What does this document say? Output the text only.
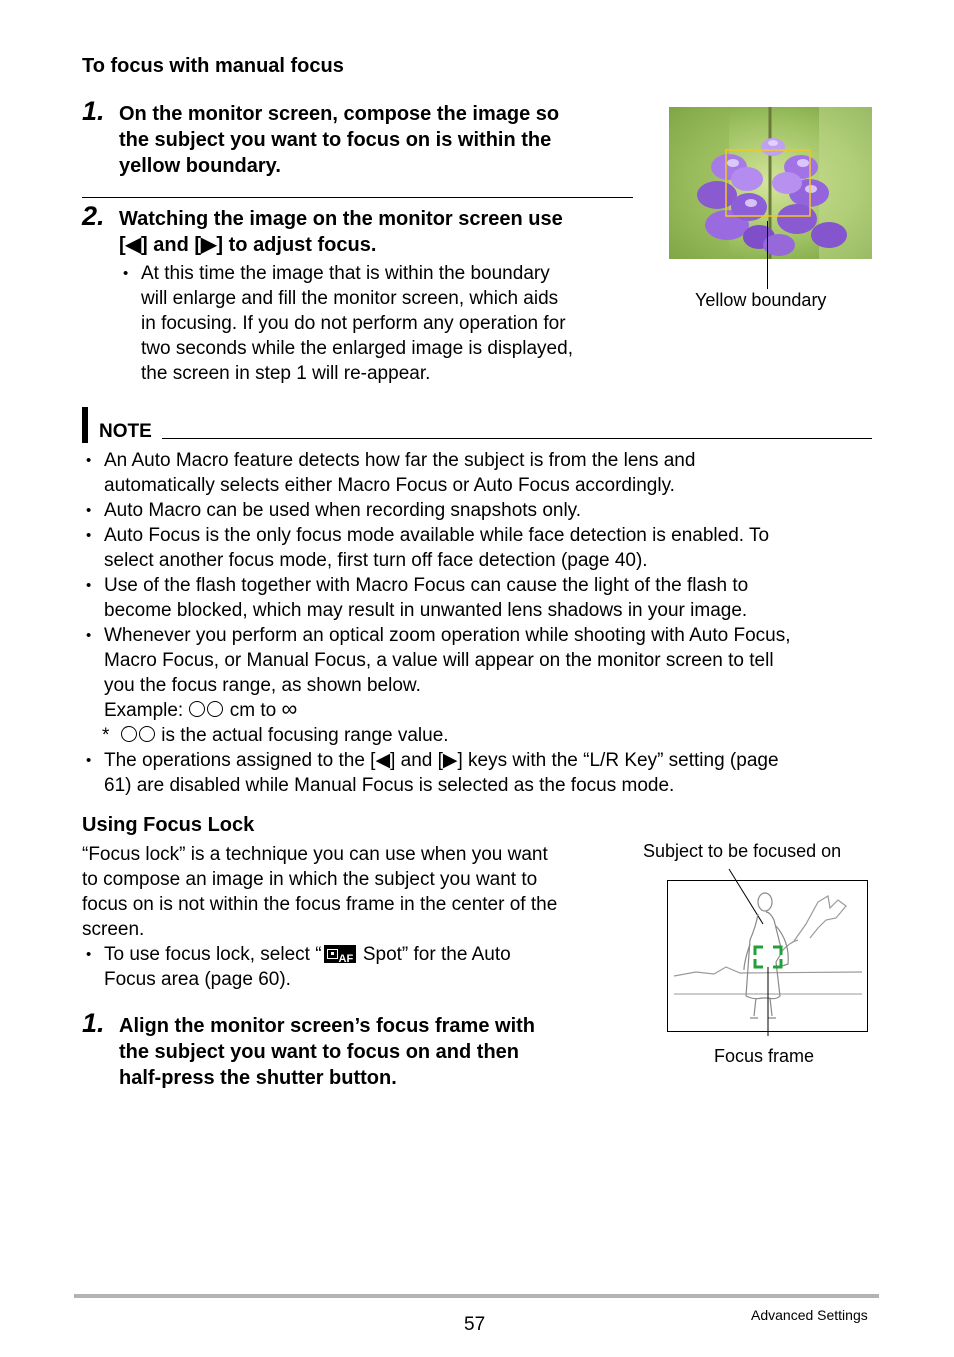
To focus with manual focus
1. On the monitor screen, compose the image so
the subject you want to focus on is within the
yellow boundary.
2. Watching the image on the monitor screen use
[◀] and [▶] to adjust focus.
• At this time the image that is within the boundary
will enlarge and fill the monitor screen, which aids
in focusing. If you do not perform any operation for
two seconds while the enlarged image is displayed,
the screen in step 1 will re-appear.
Yellow boundary
NOTE
• An Auto Macro feature detects how far the subject is from the lens and
automatically selects either Macro Focus or Auto Focus accordingly.
• Auto Macro can be used when recording snapshots only.
• Auto Focus is the only focus mode available while face detection is enabled. To
select another focus mode, first turn off face detection (page 40).
• Use of the flash together with Macro Focus can cause the light of the flash to
become blocked, which may result in unwanted lens shadows in your image.
• Whenever you perform an optical zoom operation while shooting with Auto Focus,
Macro Focus, or Manual Focus, a value will appear on the monitor screen to tell
you the focus range, as shown below.
Example: cm to ∞
*	is the actual focusing range value.
• The operations assigned to the [◀] and [▶] keys with the “L/R Key” setting (page
61) are disabled while Manual Focus is selected as the focus mode.
Using Focus Lock
“Focus lock” is a technique you can use when you want
to compose an image in which the subject you want to
focus on is not within the focus frame in the center of the
screen.
• To use focus lock, select “ AF Spot” for the Auto
Focus area (page 60).
1. Align the monitor screen’s focus frame with
the subject you want to focus on and then
half-press the shutter button.
Subject to be focused on
Focus frame
57	Advanced Settings
